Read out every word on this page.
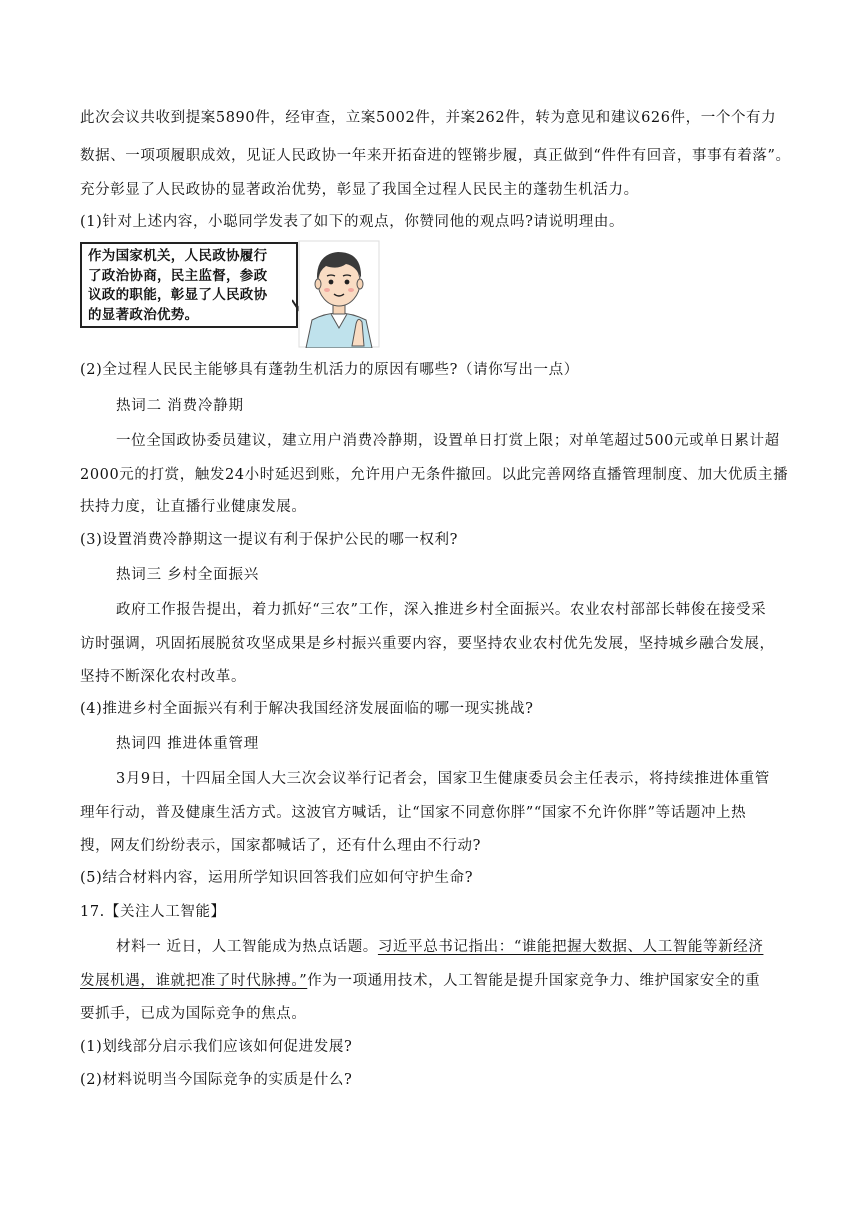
此次会议共收到提案5890件，经审查，立案5002件，并案262件，转为意见和建议626件，一个个有力
数据、一项项履职成效，见证人民政协一年来开拓奋进的铿锵步履，真正做到“件件有回音，事事有着落”。
充分彰显了人民政协的显著政治优势，彰显了我国全过程人民民主的蓬勃生机活力。
(1)针对上述内容，小聪同学发表了如下的观点，你赞同他的观点吗?请说明理由。
作为国家机关，人民政协履行
了政治协商，民主监督，参政
议政的职能，彰显了人民政协
的显著政治优势。
(2)全过程人民民主能够具有蓬勃生机活力的原因有哪些?（请你写出一点）
热词二 消费冷静期
一位全国政协委员建议，建立用户消费冷静期，设置单日打赏上限；对单笔超过500元或单日累计超
2000元的打赏，触发24小时延迟到账，允许用户无条件撤回。以此完善网络直播管理制度、加大优质主播
扶持力度，让直播行业健康发展。
(3)设置消费冷静期这一提议有利于保护公民的哪一权利?
热词三 乡村全面振兴
政府工作报告提出，着力抓好“三农”工作，深入推进乡村全面振兴。农业农村部部长韩俊在接受采
访时强调，巩固拓展脱贫攻坚成果是乡村振兴重要内容，要坚持农业农村优先发展，坚持城乡融合发展，
坚持不断深化农村改革。
(4)推进乡村全面振兴有利于解决我国经济发展面临的哪一现实挑战?
热词四 推进体重管理
3月9日，十四届全国人大三次会议举行记者会，国家卫生健康委员会主任表示，将持续推进体重管
理年行动，普及健康生活方式。这波官方喊话，让“国家不同意你胖”“国家不允许你胖”等话题冲上热
搜，网友们纷纷表示，国家都喊话了，还有什么理由不行动?
(5)结合材料内容，运用所学知识回答我们应如何守护生命?
17.【关注人工智能】
材料一 近日，人工智能成为热点话题。习近平总书记指出：“谁能把握大数据、人工智能等新经济
发展机遇，谁就把准了时代脉搏。”作为一项通用技术，人工智能是提升国家竞争力、维护国家安全的重
要抓手，已成为国际竞争的焦点。
(1)划线部分启示我们应该如何促进发展?
(2)材料说明当今国际竞争的实质是什么?
